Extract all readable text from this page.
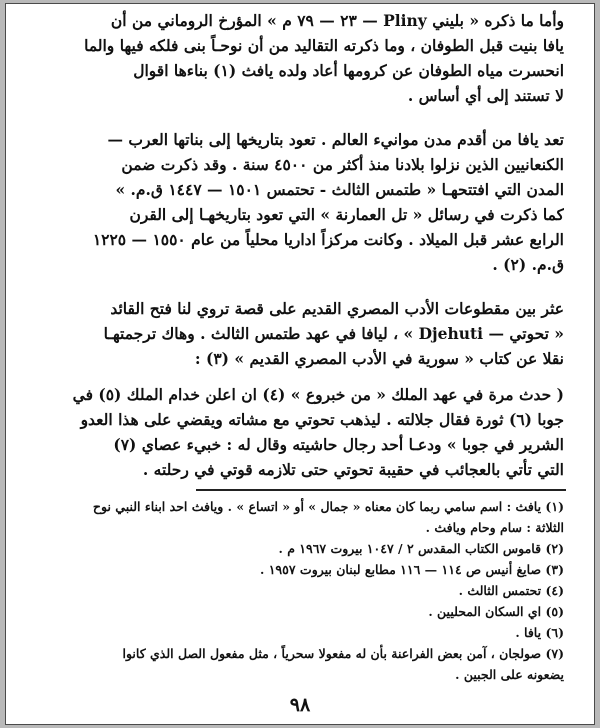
وأما ما ذكره « بليني Pliny — ٢٣ — ٧٩ م » المؤرخ الروماني من أن
يافا بنيت قبل الطوفان ، وما ذكرته التقاليد من أن نوحـاً بنى فلكه فيها والما
انحسرت مياه الطوفان عن كرومها أعاد ولده يافث (١) بناءها اقوال
لا تستند إلى أي أساس .
تعد يافا من أقدم مدن موانيء العالم . تعود بتاريخها إلى بناتها العرب —
الكنعانيين الذين نزلوا بلادنا منذ أكثر من ٤٥٠٠ سنة . وقد ذكرت ضمن
المدن التي افتتحهـا « طتمس الثالث - تحتمس ١٥٠١ — ١٤٤٧ ق.م. »
كما ذكرت في رسائل « تل العمارنة » التي تعود بتاريخهـا إلى القرن
الرابع عشر قبل الميلاد . وكانت مركزاً اداريا محلياً من عام ١٥٥٠ — ١٢٢٥
ق.م. (٢) .
عثر بين مقطوعات الأدب المصري القديم على قصة تروي لنا فتح القائد
« تحوتي — Djehuti » ، ليافا في عهد طتمس الثالث . وهاك ترجمتهـا
نقلا عن كتاب « سورية في الأدب المصري القديم » (٣) :
( حدث مرة في عهد الملك « من خبروع » (٤) ان اعلن خدام الملك (٥) في
جوبا (٦) ثورة فقال جلالته . ليذهب تحوتي مع مشاته ويقضي على هذا العدو
الشرير في جوبا » ودعـا أحد رجال حاشيته وقال له : خبيء عصاي (٧)
التي تأتي بالعجائب في حقيبة تحوتي حتى تلازمه قوتي في رحلته .
(١) يافث : اسم سامي ربما كان معناه « جمال » أو « اتساع » . ويافث احد ابناء النبي نوح
الثلاثة : سام وحام ويافث .
(٢) قاموس الكتاب المقدس ٢ / ١٠٤٧ بيروت ١٩٦٧ م .
(٣) صايغ أنيس ص ١١٤ — ١١٦ مطابع لبنان بيروت ١٩٥٧ .
(٤) تحتمس الثالث .
(٥) اي السكان المحليين .
(٦) يافا .
(٧) صولجان ، آمن بعض الفراعنة بأن له مفعولا سحرياً ، مثل مفعول الصل الذي كانوا
يضعونه على الجبين .
٩٨
